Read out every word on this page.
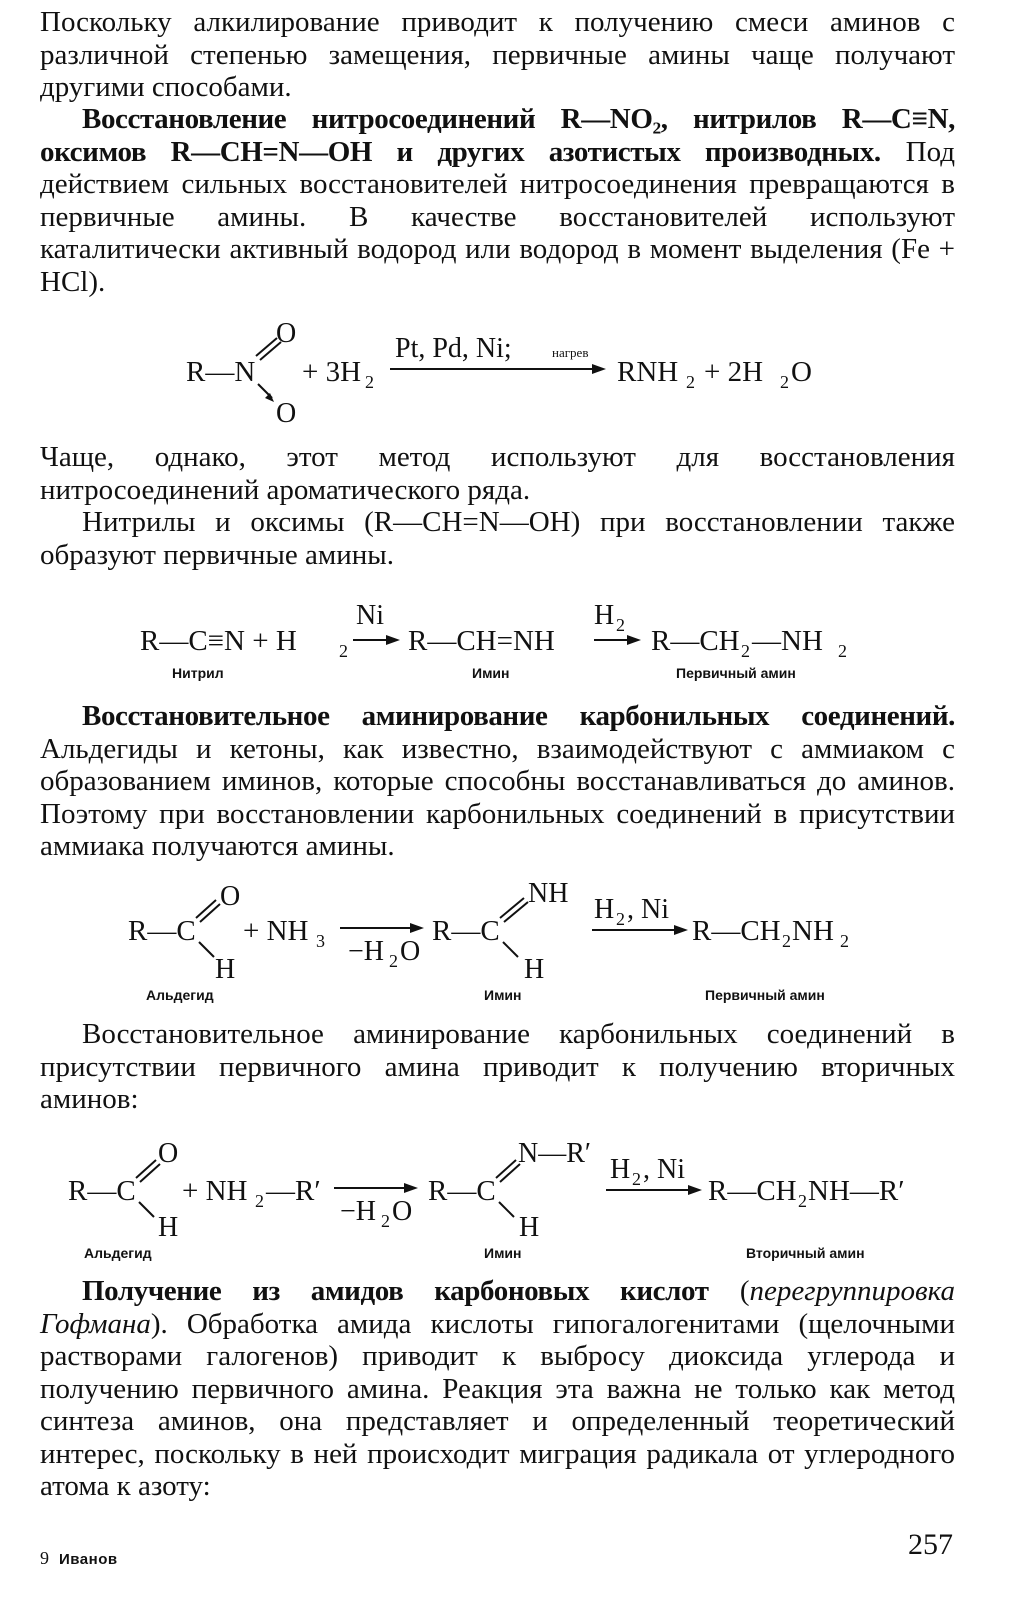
Поскольку алкилирование приводит к получению смеси аминов с различной степенью замещения, первичные амины чаще получают другими способами.

Восстановление нитросоединений R—NO₂, нитрилов R—C≡N, оксимов R—CH=N—OH и других азотистых производных. Под действием сильных восстановителей нитросоединения превращаются в первичные амины. В качестве восстановителей используют каталитически активный водород или водород в момент выделения (Fe + HCl).

R—N
O
O
+ 3H 2
Pt, Pd, Ni;	нагрев
RNH 2 + 2H 2 O

Чаще, однако, этот метод используют для восстановления нитросоединений ароматического ряда.

Нитрилы и оксимы (R—CH=N—OH) при восстановлении также образуют первичные амины.

R—C≡N + H 2
Ni
R—CH=NH
H 2 R—CH 2 —NH 2
Нитрил	Имин	Первичный амин

Восстановительное аминирование карбонильных соединений. Альдегиды и кетоны, как известно, взаимодействуют с аммиаком с образованием иминов, которые способны восстанавливаться до аминов. Поэтому при восстановлении карбонильных соединений в присутствии аммиака получаются амины.

R—C
O
H
+ NH 3 −H 2 O
R—C
NH
H
H 2 , Ni
R—CH 2 NH 2
Альдегид	Имин	Первичный амин

Восстановительное аминирование карбонильных соединений в присутствии первичного амина приводит к получению вторичных аминов:

R—C
O
H
+ NH 2 —R′
−H 2 O
R—C
N—R′
H
H 2 , Ni
R—CH 2 NH—R′
Альдегид	Имин	Вторичный амин

Получение из амидов карбоновых кислот (перегруппировка Гофмана). Обработка амида кислоты гипогалогенитами (щелочными растворами галогенов) приводит к выбросу диоксида углерода и получению первичного амина. Реакция эта важна не только как метод синтеза аминов, она представляет и определенный теоретический интерес, поскольку в ней происходит миграция радикала от углеродного атома к азоту:

9 Иванов	257
